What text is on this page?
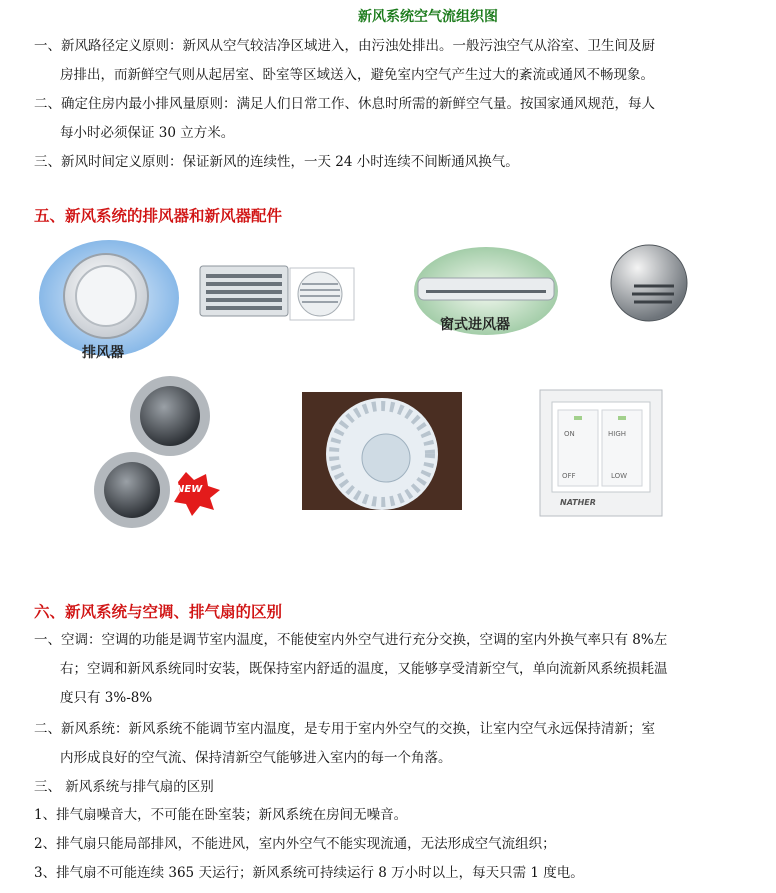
新风系统空气流组织图
一、新风路径定义原则：新风从空气较洁净区域进入，由污浊处排出。一般污浊空气从浴室、卫生间及厨
房排出，而新鲜空气则从起居室、卧室等区域送入，避免室内空气产生过大的紊流或通风不畅现象。
二、确定住房内最小排风量原则：满足人们日常工作、休息时所需的新鲜空气量。按国家通风规范，每人
每小时必须保证 30 立方米。
三、新风时间定义原则：保证新风的连续性，一天 24 小时连续不间断通风换气。
五、新风系统的排风器和新风器配件
排风器
窗式进风器
NEW
ON
OFF
HIGH
LOW
NATHER
六、新风系统与空调、排气扇的区别
一、空调：空调的功能是调节室内温度，不能使室内外空气进行充分交换，空调的室内外换气率只有 8%左
右；空调和新风系统同时安装，既保持室内舒适的温度，又能够享受清新空气，单向流新风系统损耗温
度只有 3%-8%
二、新风系统：新风系统不能调节室内温度，是专用于室内外空气的交换，让室内空气永远保持清新；室
内形成良好的空气流、保持清新空气能够进入室内的每一个角落。
三、 新风系统与排气扇的区别
1、排气扇噪音大，不可能在卧室装；新风系统在房间无噪音。
2、排气扇只能局部排风，不能进风，室内外空气不能实现流通，无法形成空气流组织；
3、排气扇不可能连续 365 天运行；新风系统可持续运行 8 万小时以上，每天只需 1 度电。
